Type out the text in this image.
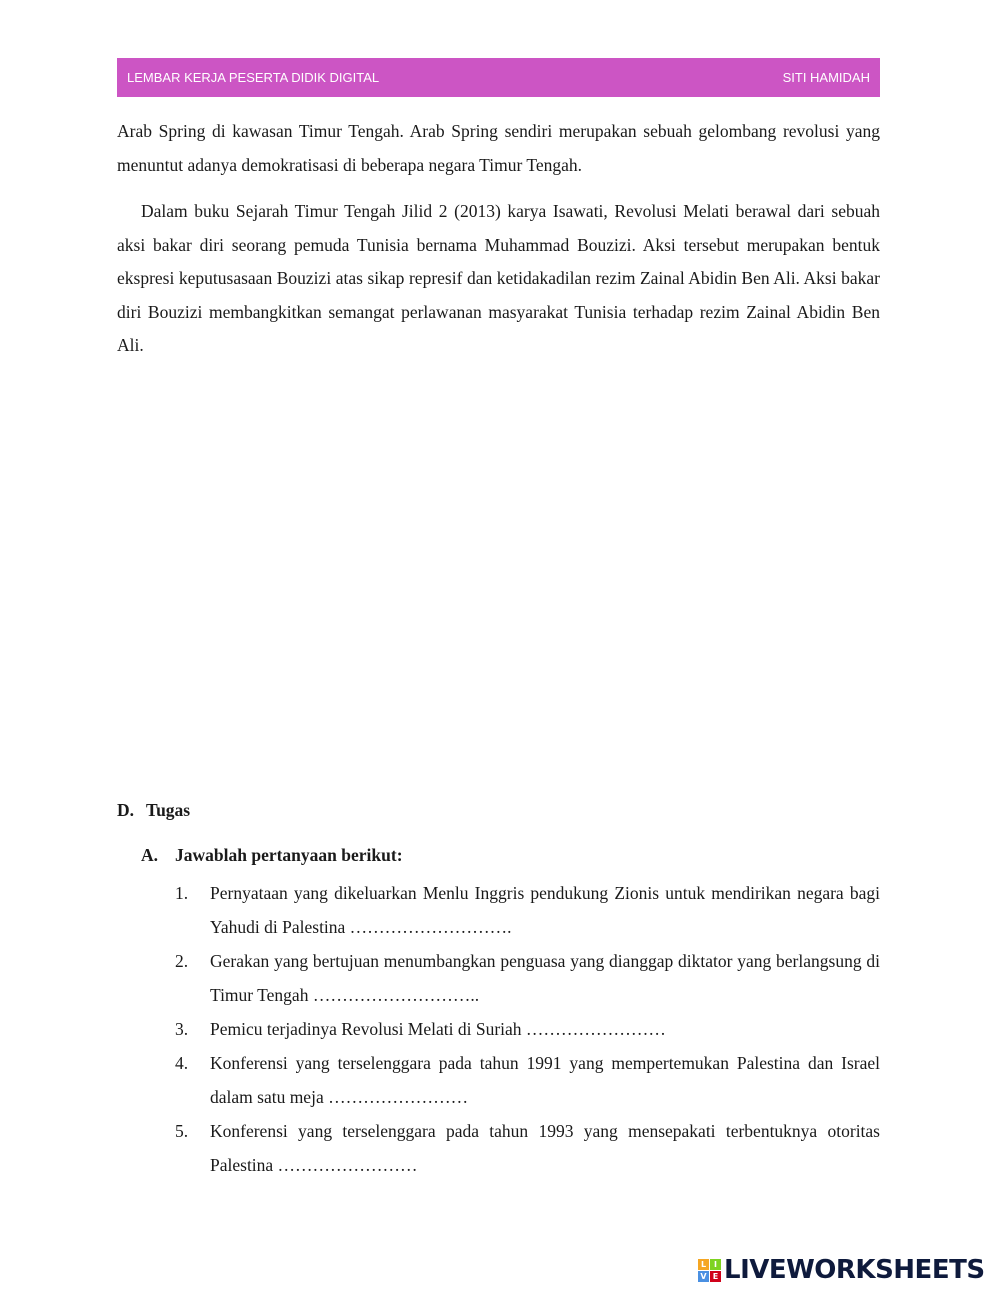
LEMBAR KERJA PESERTA DIDIK DIGITAL	SITI HAMIDAH

Arab Spring di kawasan Timur Tengah. Arab Spring sendiri merupakan sebuah gelombang revolusi yang menuntut adanya demokratisasi di beberapa negara Timur Tengah.

Dalam buku Sejarah Timur Tengah Jilid 2 (2013) karya Isawati, Revolusi Melati berawal dari sebuah aksi bakar diri seorang pemuda Tunisia bernama Muhammad Bouzizi. Aksi tersebut merupakan bentuk ekspresi keputusasaan Bouzizi atas sikap represif dan ketidakadilan rezim Zainal Abidin Ben Ali. Aksi bakar diri Bouzizi membangkitkan semangat perlawanan masyarakat Tunisia terhadap rezim Zainal Abidin Ben Ali.

D. Tugas
A. Jawablah pertanyaan berikut:
1.	Pernyataan yang dikeluarkan Menlu Inggris pendukung Zionis untuk mendirikan negara bagi Yahudi di Palestina ……………………….
2.	Gerakan yang bertujuan menumbangkan penguasa yang dianggap diktator yang berlangsung di Timur Tengah ………………………..
3.	Pemicu terjadinya Revolusi Melati di Suriah ……………………
4.	Konferensi yang terselenggara pada tahun 1991 yang mempertemukan Palestina dan Israel dalam satu meja ……………………
5.	Konferensi yang terselenggara pada tahun 1993 yang mensepakati terbentuknya otoritas Palestina ……………………
L I
V E LIVEWORKSHEETS
